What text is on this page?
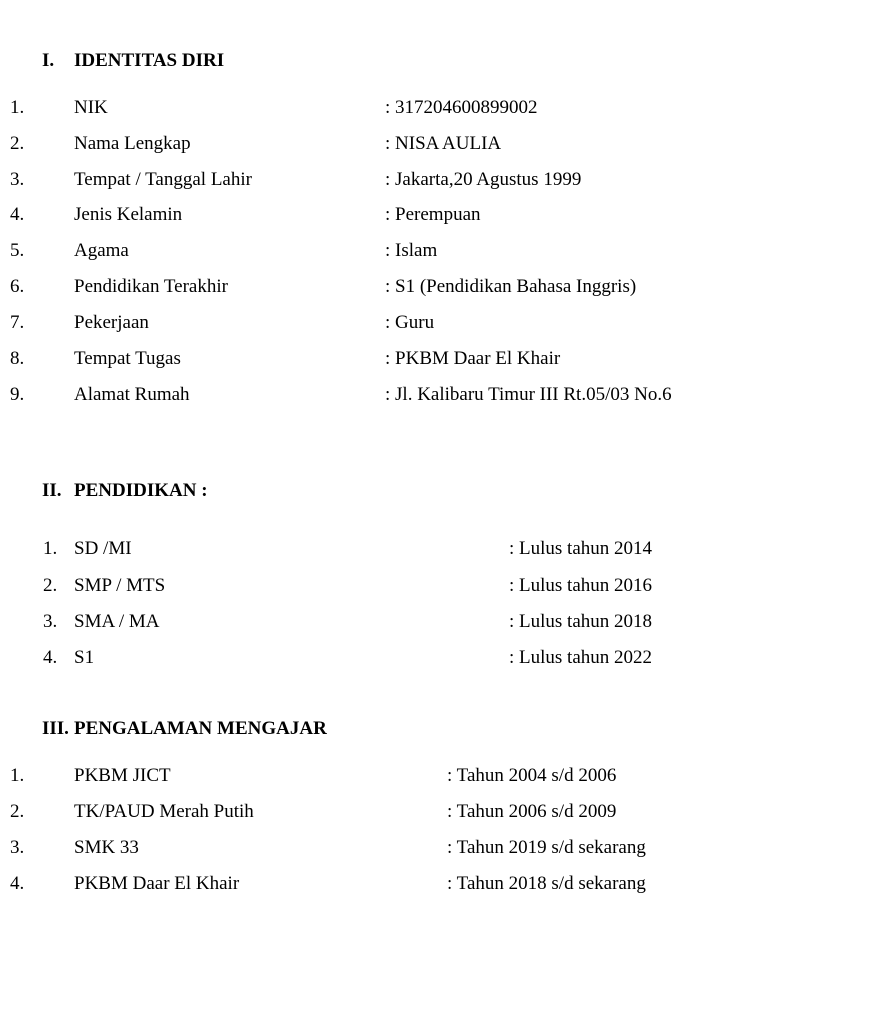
I. IDENTITAS DIRI
1.	NIK	: 317204600899002
2.	Nama Lengkap	: NISA AULIA
3.	Tempat / Tanggal Lahir	: Jakarta,20 Agustus 1999
4.	Jenis Kelamin	: Perempuan
5.	Agama	: Islam
6.	Pendidikan Terakhir	: S1 (Pendidikan Bahasa Inggris)
7.	Pekerjaan	: Guru
8.	Tempat Tugas	: PKBM Daar El Khair
9.	Alamat Rumah	: Jl. Kalibaru Timur III Rt.05/03 No.6
II. PENDIDIKAN :
1. SD /MI	: Lulus tahun 2014
2. SMP / MTS	: Lulus tahun 2016
3. SMA / MA	: Lulus tahun 2018
4. S1	: Lulus tahun 2022
III. PENGALAMAN MENGAJAR
1.	PKBM JICT	: Tahun 2004 s/d 2006
2.	TK/PAUD Merah Putih	: Tahun 2006 s/d 2009
3.	SMK 33	: Tahun 2019 s/d sekarang
4.	PKBM Daar El Khair	: Tahun 2018 s/d sekarang
